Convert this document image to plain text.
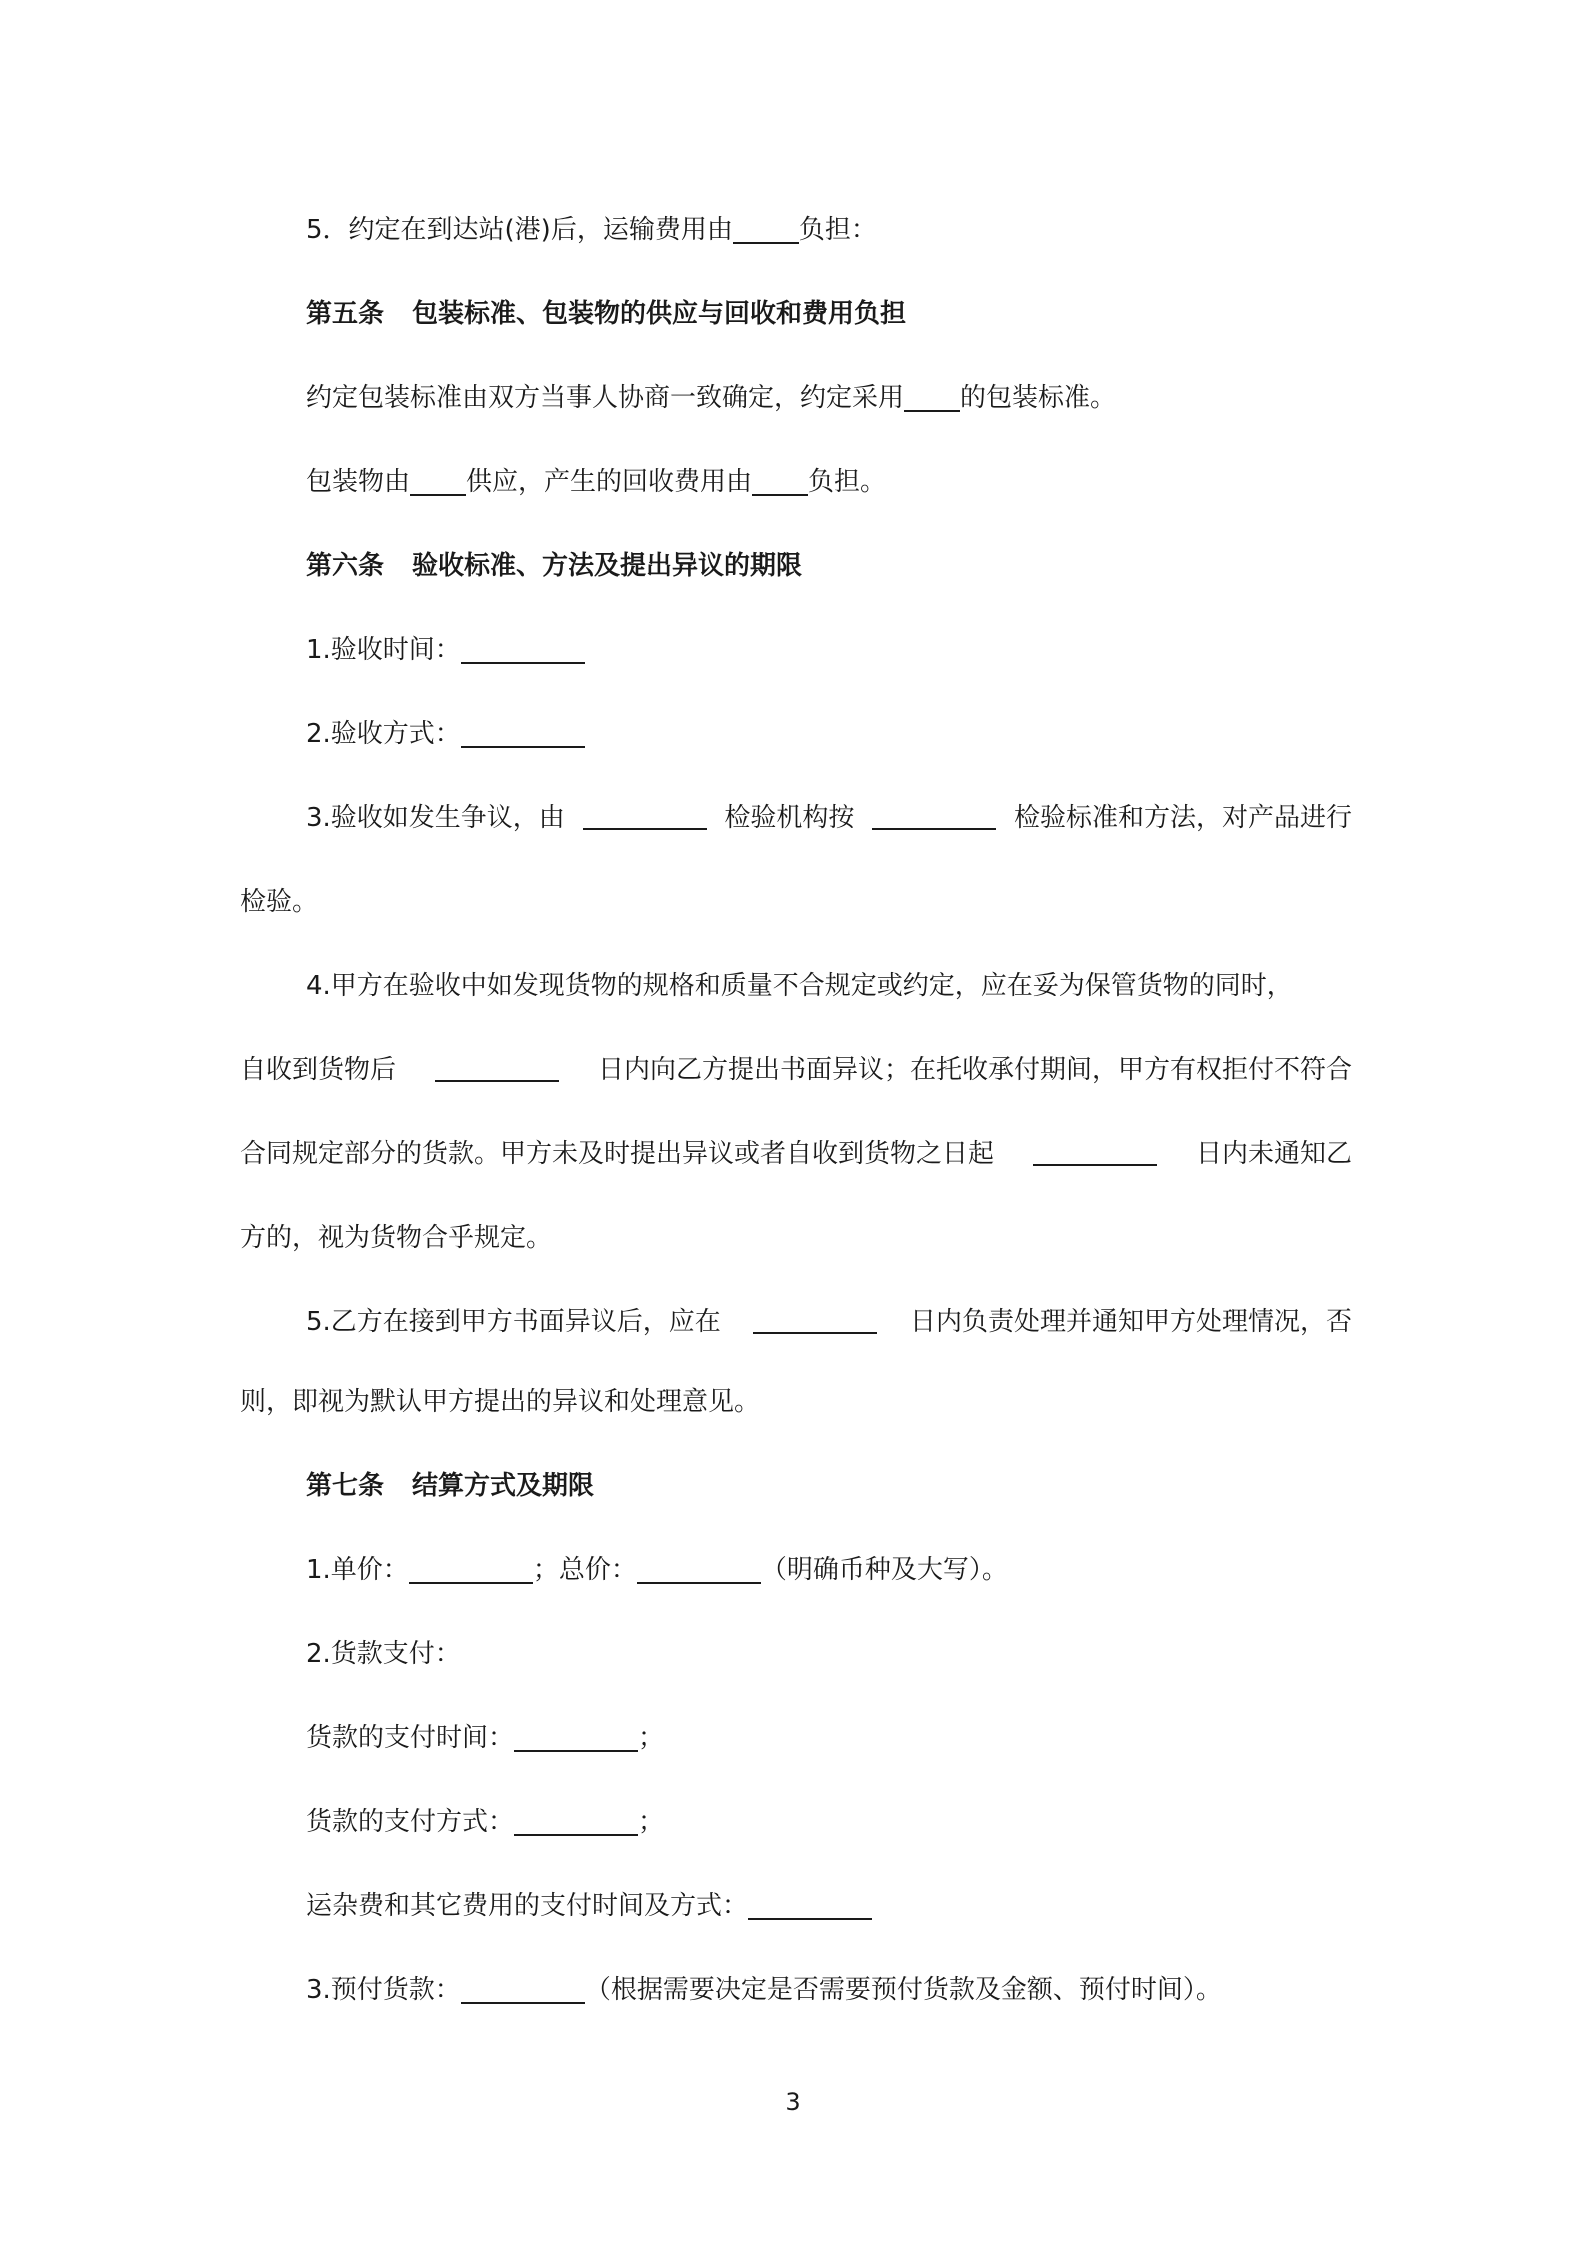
5．约定在到达站(港)后，运输费用由	负担：
第五条 包装标准、包装物的供应与回收和费用负担
约定包装标准由双方当事人协商一致确定，约定采用 的包装标准。
包装物由 供应，产生的回收费用由 负担。
第六条 验收标准、方法及提出异议的期限
1.验收时间：
2.验收方式：
3.验收如发生争议，由	检验机构按	检验标准和方法，对产品进行
检验。
4.甲方在验收中如发现货物的规格和质量不合规定或约定，应在妥为保管货物的同时，
自收到货物后	日内向乙方提出书面异议；在托收承付期间，甲方有权拒付不符合
合同规定部分的货款。甲方未及时提出异议或者自收到货物之日起	日内未通知乙
方的，视为货物合乎规定。
5.乙方在接到甲方书面异议后，应在	日内负责处理并通知甲方处理情况，否
则，即视为默认甲方提出的异议和处理意见。
第七条 结算方式及期限
1.单价：	；总价：	（明确币种及大写）。
2.货款支付：
货款的支付时间：	；
货款的支付方式：	；
运杂费和其它费用的支付时间及方式：
3.预付货款：	（根据需要决定是否需要预付货款及金额、预付时间）。
3
